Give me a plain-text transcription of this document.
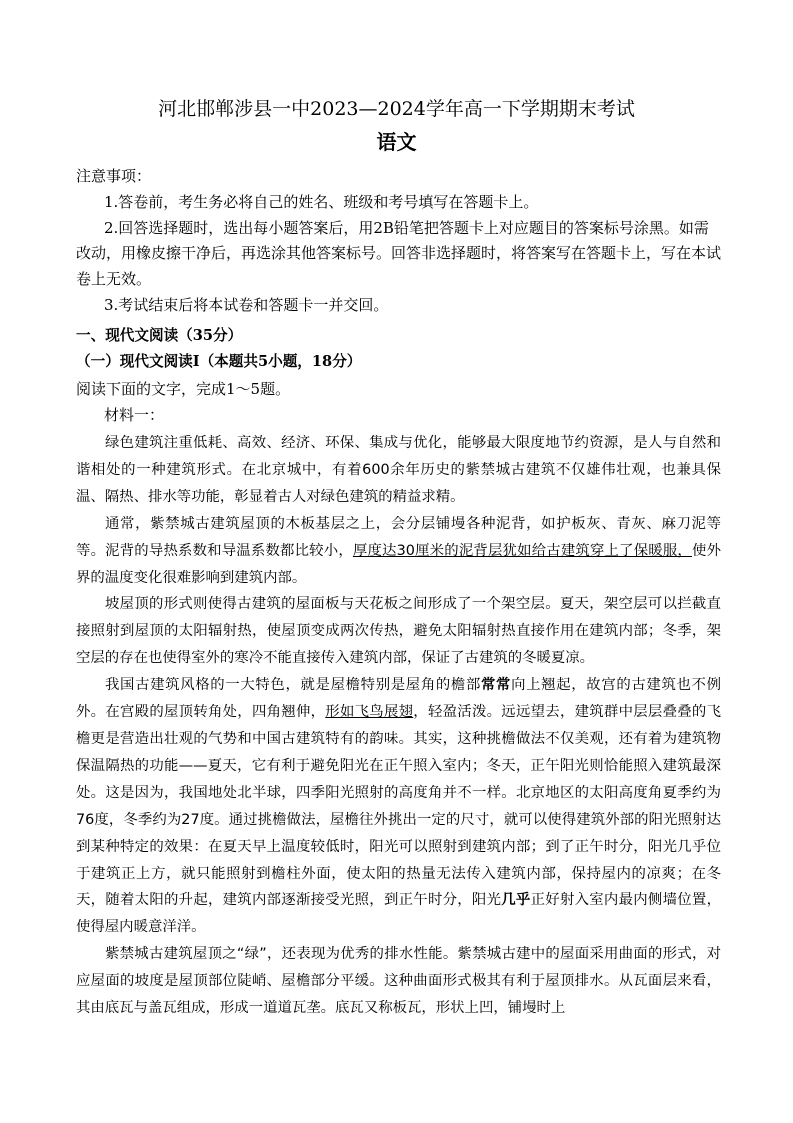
河北邯郸涉县一中2023—2024学年高一下学期期末考试
语文

注意事项：

1.答卷前，考生务必将自己的姓名、班级和考号填写在答题卡上。

2.回答选择题时，选出每小题答案后，用2B铅笔把答题卡上对应题目的答案标号涂黑。如需改动，用橡皮擦干净后，再选涂其他答案标号。回答非选择题时，将答案写在答题卡上，写在本试卷上无效。

3.考试结束后将本试卷和答题卡一并交回。

一、现代文阅读（35分）
（一）现代文阅读Ⅰ（本题共5小题，18分）
阅读下面的文字，完成1～5题。
材料一：

绿色建筑注重低耗、高效、经济、环保、集成与优化，能够最大限度地节约资源，是人与自然和谐相处的一种建筑形式。在北京城中，有着600余年历史的紫禁城古建筑不仅雄伟壮观，也兼具保温、隔热、排水等功能，彰显着古人对绿色建筑的精益求精。

通常，紫禁城古建筑屋顶的木板基层之上，会分层铺墁各种泥背，如护板灰、青灰、麻刀泥等等。泥背的导热系数和导温系数都比较小，厚度达30厘米的泥背层犹如给古建筑穿上了保暖服，使外界的温度变化很难影响到建筑内部。

坡屋顶的形式则使得古建筑的屋面板与天花板之间形成了一个架空层。夏天，架空层可以拦截直接照射到屋顶的太阳辐射热，使屋顶变成两次传热，避免太阳辐射热直接作用在建筑内部；冬季，架空层的存在也使得室外的寒冷不能直接传入建筑内部，保证了古建筑的冬暖夏凉。

我国古建筑风格的一大特色，就是屋檐特别是屋角的檐部常常向上翘起，故宫的古建筑也不例外。在宫殿的屋顶转角处，四角翘伸，形如飞鸟展翅，轻盈活泼。远远望去，建筑群中层层叠叠的飞檐更是营造出壮观的气势和中国古建筑特有的韵味。其实，这种挑檐做法不仅美观，还有着为建筑物保温隔热的功能——夏天，它有利于避免阳光在正午照入室内；冬天，正午阳光则恰能照入建筑最深处。这是因为，我国地处北半球，四季阳光照射的高度角并不一样。北京地区的太阳高度角夏季约为76度，冬季约为27度。通过挑檐做法，屋檐往外挑出一定的尺寸，就可以使得建筑外部的阳光照射达到某种特定的效果：在夏天早上温度较低时，阳光可以照射到建筑内部；到了正午时分，阳光几乎位于建筑正上方，就只能照射到檐柱外面，使太阳的热量无法传入建筑内部，保持屋内的凉爽；在冬天，随着太阳的升起，建筑内部逐渐接受光照，到正午时分，阳光几乎正好射入室内最内侧墙位置，使得屋内暖意洋洋。

紫禁城古建筑屋顶之“绿”，还表现为优秀的排水性能。紫禁城古建中的屋面采用曲面的形式，对应屋面的坡度是屋顶部位陡峭、屋檐部分平缓。这种曲面形式极其有利于屋顶排水。从瓦面层来看，其由底瓦与盖瓦组成，形成一道道瓦垄。底瓦又称板瓦，形状上凹，铺墁时上
